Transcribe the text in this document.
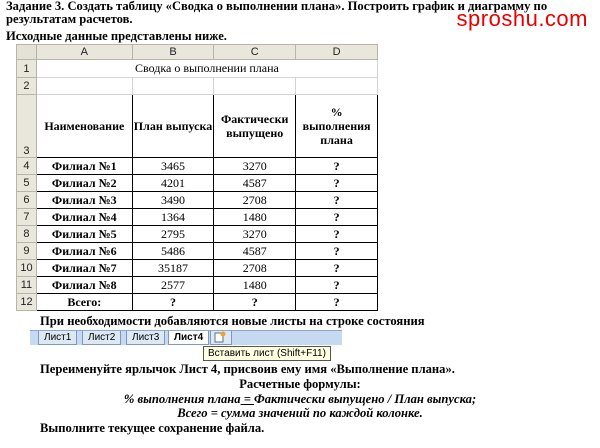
Задание 3. Создать таблицу «Сводка о выполнении плана». Построить график и диаграмму по
результатам расчетов.	sproshu.com
Исходные данные представлены ниже.
	A	B	C	D
1	Сводка о выполнении плана			
2				
3	Наименование	План выпуска	Фактически выпущено	% выполнения плана
4	Филиал №1	3465	3270	?
5	Филиал №2	4201	4587	?
6	Филиал №3	3490	2708	?
7	Филиал №4	1364	1480	?
8	Филиал №5	2795	3270	?
9	Филиал №6	5486	4587	?
10	Филиал №7	35187	2708	?
11	Филиал №8	2577	1480	?
12	Всего:	?	?	?
При необходимости добавляются новые листы на строке состояния
Лист1	Лист2	Лист3	Лист4
Вставить лист (Shift+F11)
Переименуйте ярлычок Лист 4, присвоив ему имя «Выполнение плана».
Расчетные формулы:
% выполнения плана = Фактически выпущено / План выпуска;
Всего = сумма значений по каждой колонке.
Выполните текущее сохранение файла.
